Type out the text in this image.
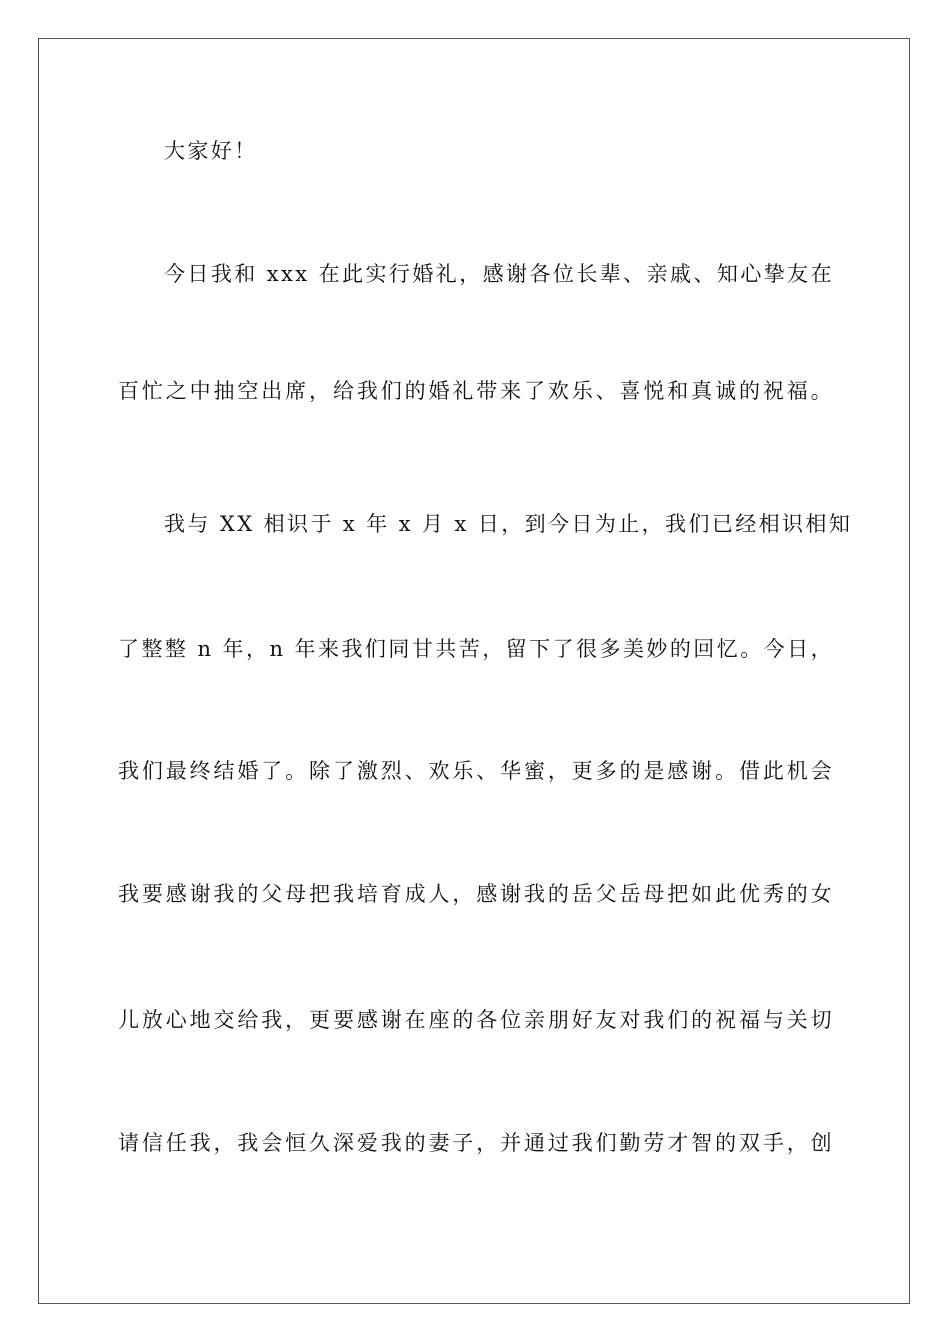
大家好！
今日我和 xxx 在此实行婚礼，感谢各位长辈、亲戚、知心挚友在
百忙之中抽空出席，给我们的婚礼带来了欢乐、喜悦和真诚的祝福。
我与 XX 相识于 x 年 x 月 x 日，到今日为止，我们已经相识相知
了整整 n 年，n 年来我们同甘共苦，留下了很多美妙的回忆。今日，
我们最终结婚了。除了激烈、欢乐、华蜜，更多的是感谢。借此机会
我要感谢我的父母把我培育成人，感谢我的岳父岳母把如此优秀的女
儿放心地交给我，更要感谢在座的各位亲朋好友对我们的祝福与关切
请信任我，我会恒久深爱我的妻子，并通过我们勤劳才智的双手，创
